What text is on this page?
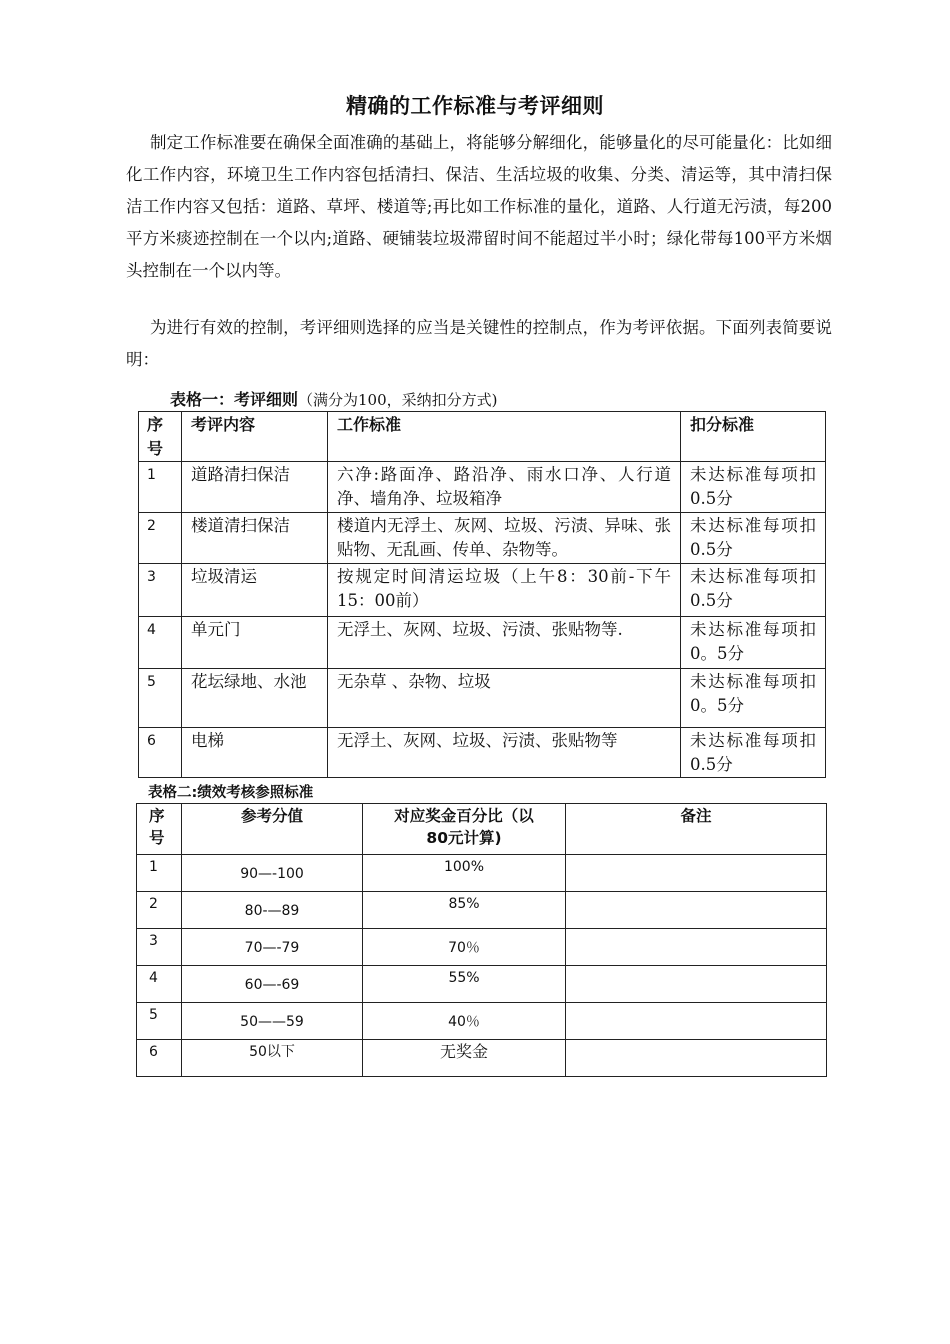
精确的工作标准与考评细则

制定工作标准要在确保全面准确的基础上，将能够分解细化，能够量化的尽可能量化：比如细化工作内容，环境卫生工作内容包括清扫、保洁、生活垃圾的收集、分类、清运等，其中清扫保洁工作内容又包括：道路、草坪、楼道等;再比如工作标准的量化，道路、人行道无污渍，每200平方米痰迹控制在一个以内;道路、硬铺装垃圾滞留时间不能超过半小时；绿化带每100平方米烟头控制在一个以内等。

为进行有效的控制，考评细则选择的应当是关键性的控制点，作为考评依据。下面列表简要说明：

表格一：考评细则（满分为100，采纳扣分方式)
序号	考评内容	工作标准	扣分标准
1	道路清扫保洁	六净:路面净、路沿净、雨水口净、人行道净、墙角净、垃圾箱净	未达标准每项扣0.5分
2	楼道清扫保洁	楼道内无浮土、灰网、垃圾、污渍、异味、张贴物、无乱画、传单、杂物等。	未达标准每项扣0.5分
3	垃圾清运	按规定时间清运垃圾（上午8：30前-下午15：00前）	未达标准每项扣0.5分
4	单元门	无浮土、灰网、垃圾、污渍、张贴物等.	未达标准每项扣0。5分
5	花坛绿地、水池	无杂草 、杂物、垃圾	未达标准每项扣0。5分
6	电梯	无浮土、灰网、垃圾、污渍、张贴物等	未达标准每项扣0.5分
表格二:绩效考核参照标准
序号	参考分值	对应奖金百分比（以80元计算)	备注
1	90—-100	100%	
2	80-—89	85%	
3	70—-79	70％	
4	60—-69	55%	
5	50——59	40％	
6	50以下	无奖金	
